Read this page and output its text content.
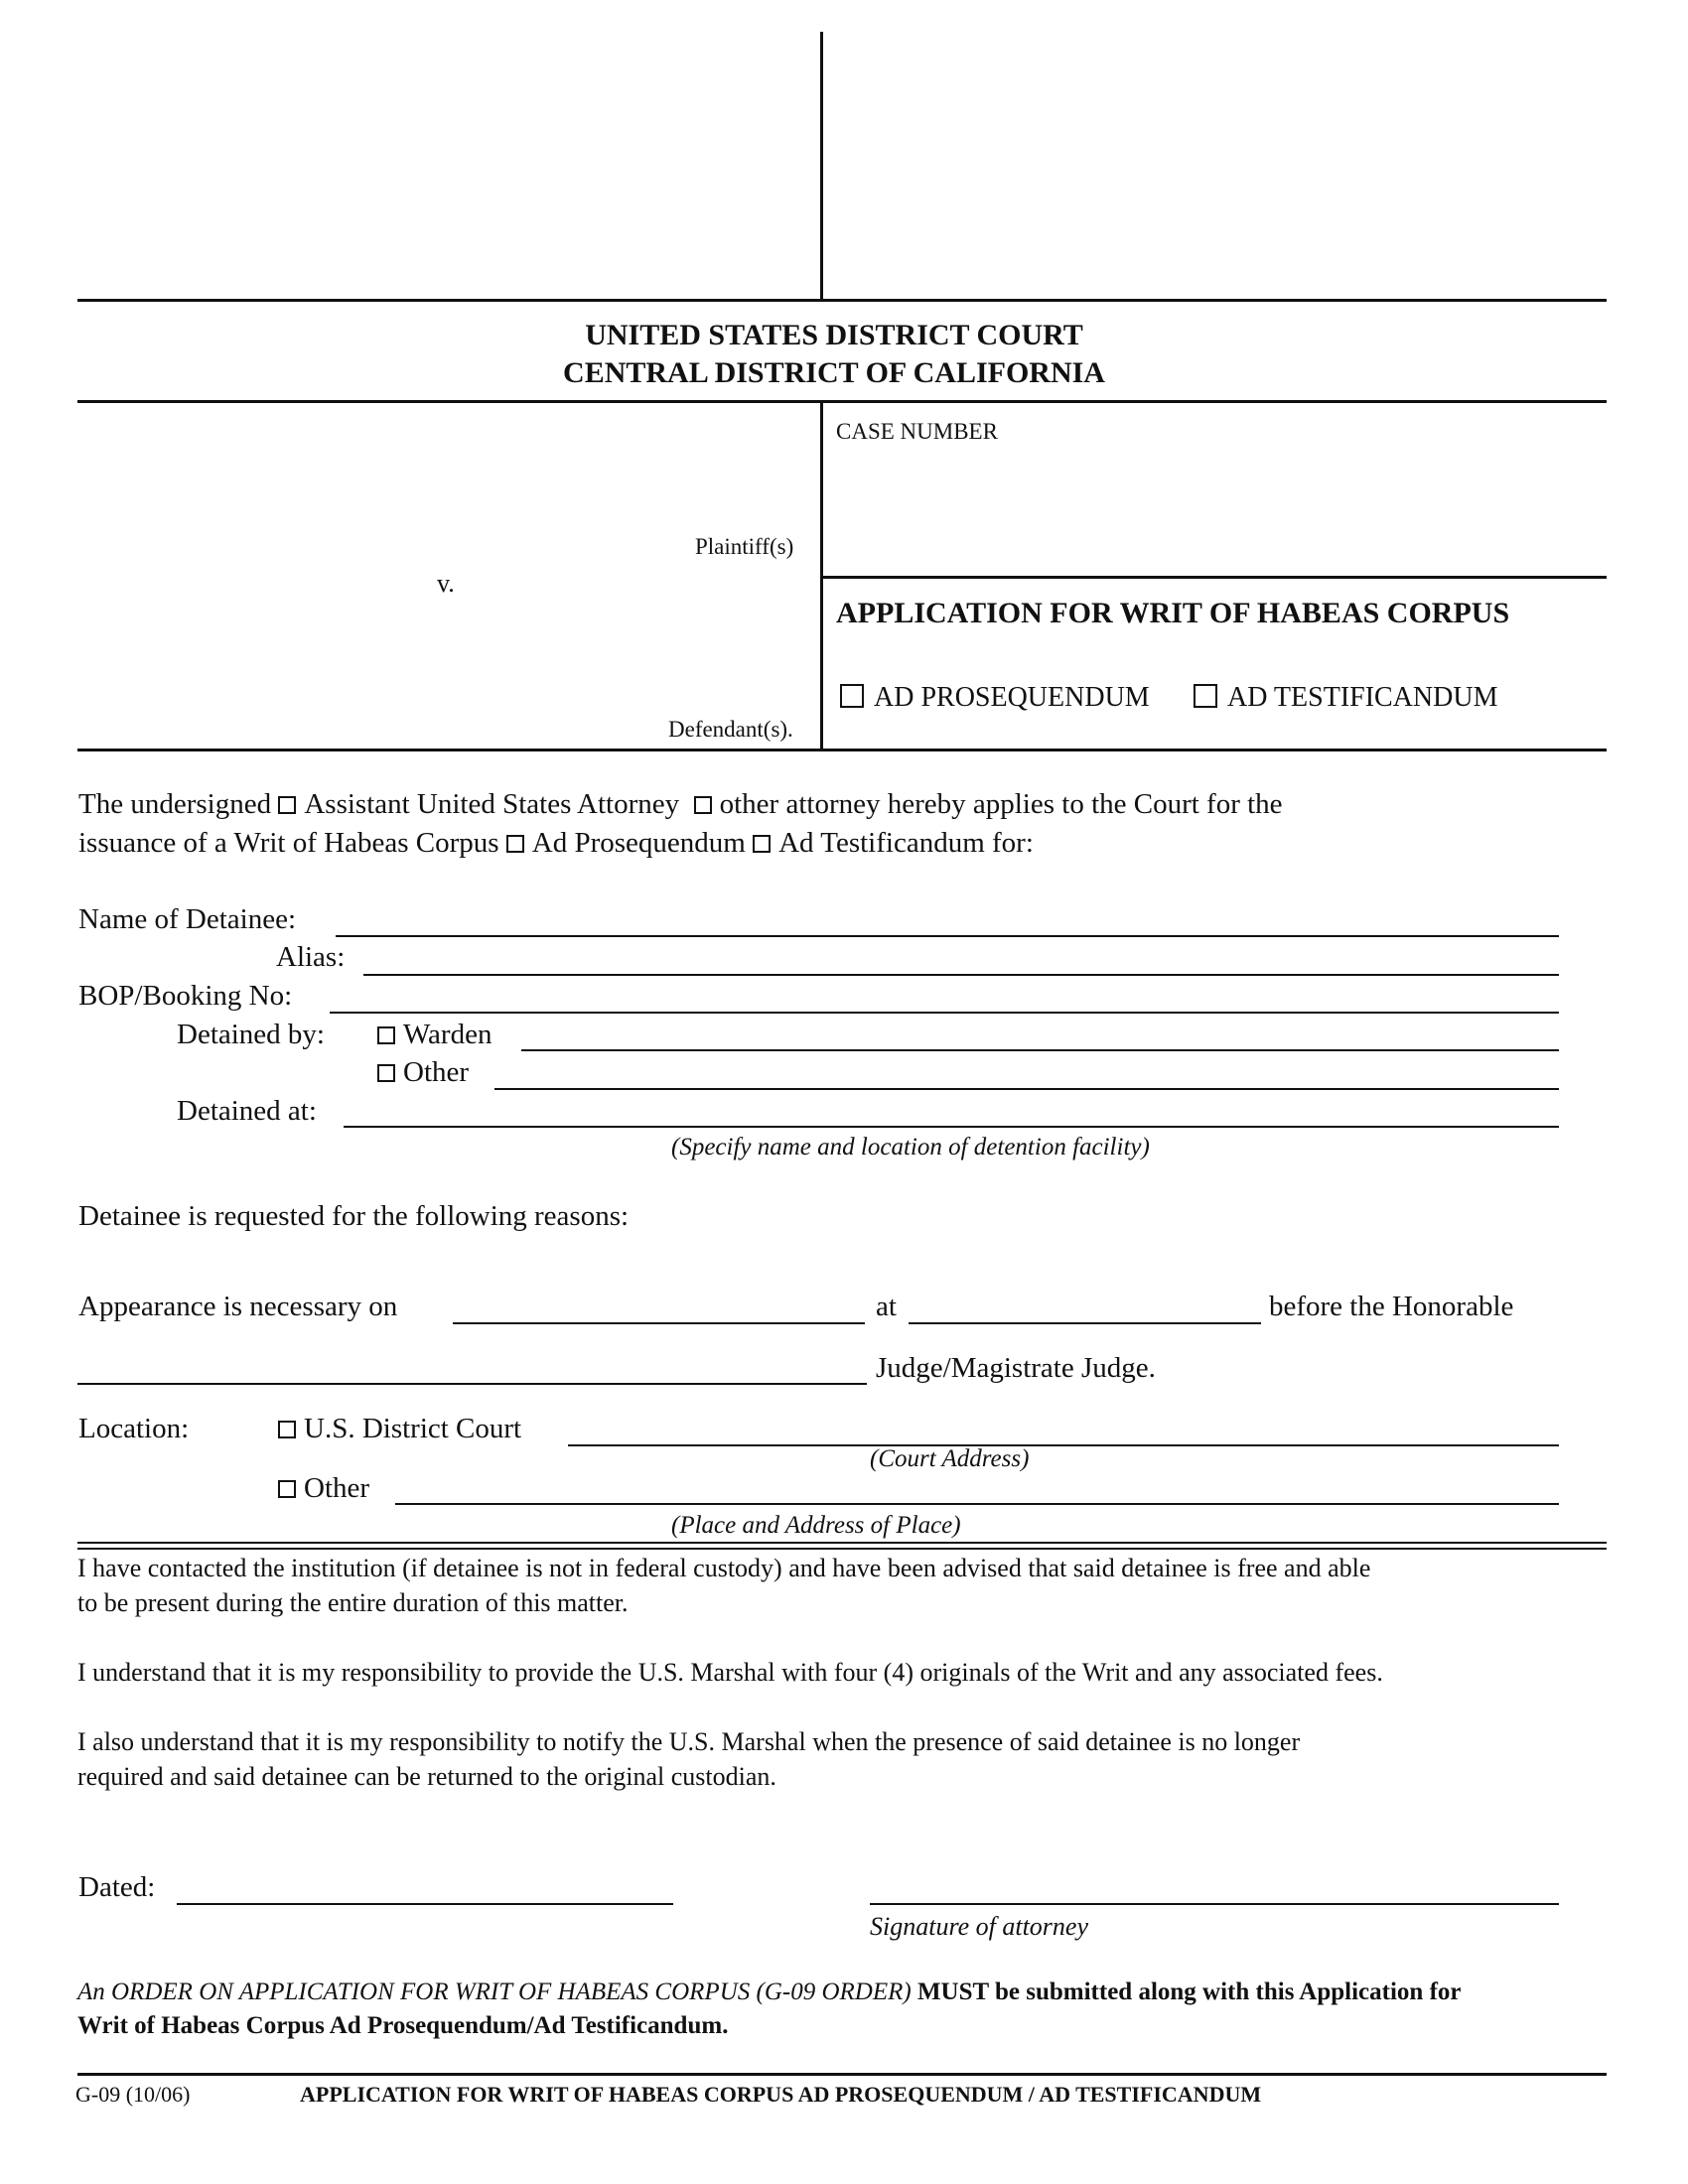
UNITED STATES DISTRICT COURT
CENTRAL DISTRICT OF CALIFORNIA
Plaintiff(s)
v.
Defendant(s).
CASE NUMBER
APPLICATION FOR WRIT OF HABEAS CORPUS
AD PROSEQUENDUM	AD TESTIFICANDUM
The undersigned Assistant United States Attorney other attorney hereby applies to the Court for the
issuance of a Writ of Habeas Corpus Ad Prosequendum Ad Testificandum for:
Name of Detainee:
Alias:
BOP/Booking No:
Detained by:	Warden
Other
Detained at:
(Specify name and location of detention facility)
Detainee is requested for the following reasons:
Appearance is necessary on	at	before the Honorable
Judge/Magistrate Judge.
Location:	U.S. District Court
(Court Address)
Other
(Place and Address of Place)
I have contacted the institution (if detainee is not in federal custody) and have been advised that said detainee is free and able
to be present during the entire duration of this matter.
I understand that it is my responsibility to provide the U.S. Marshal with four (4) originals of the Writ and any associated fees.
I also understand that it is my responsibility to notify the U.S. Marshal when the presence of said detainee is no longer
required and said detainee can be returned to the original custodian.
Dated:
Signature of attorney
An ORDER ON APPLICATION FOR WRIT OF HABEAS CORPUS (G-09 ORDER) MUST be submitted along with this Application for
Writ of Habeas Corpus Ad Prosequendum/Ad Testificandum.
G-09 (10/06)	APPLICATION FOR WRIT OF HABEAS CORPUS AD PROSEQUENDUM / AD TESTIFICANDUM
